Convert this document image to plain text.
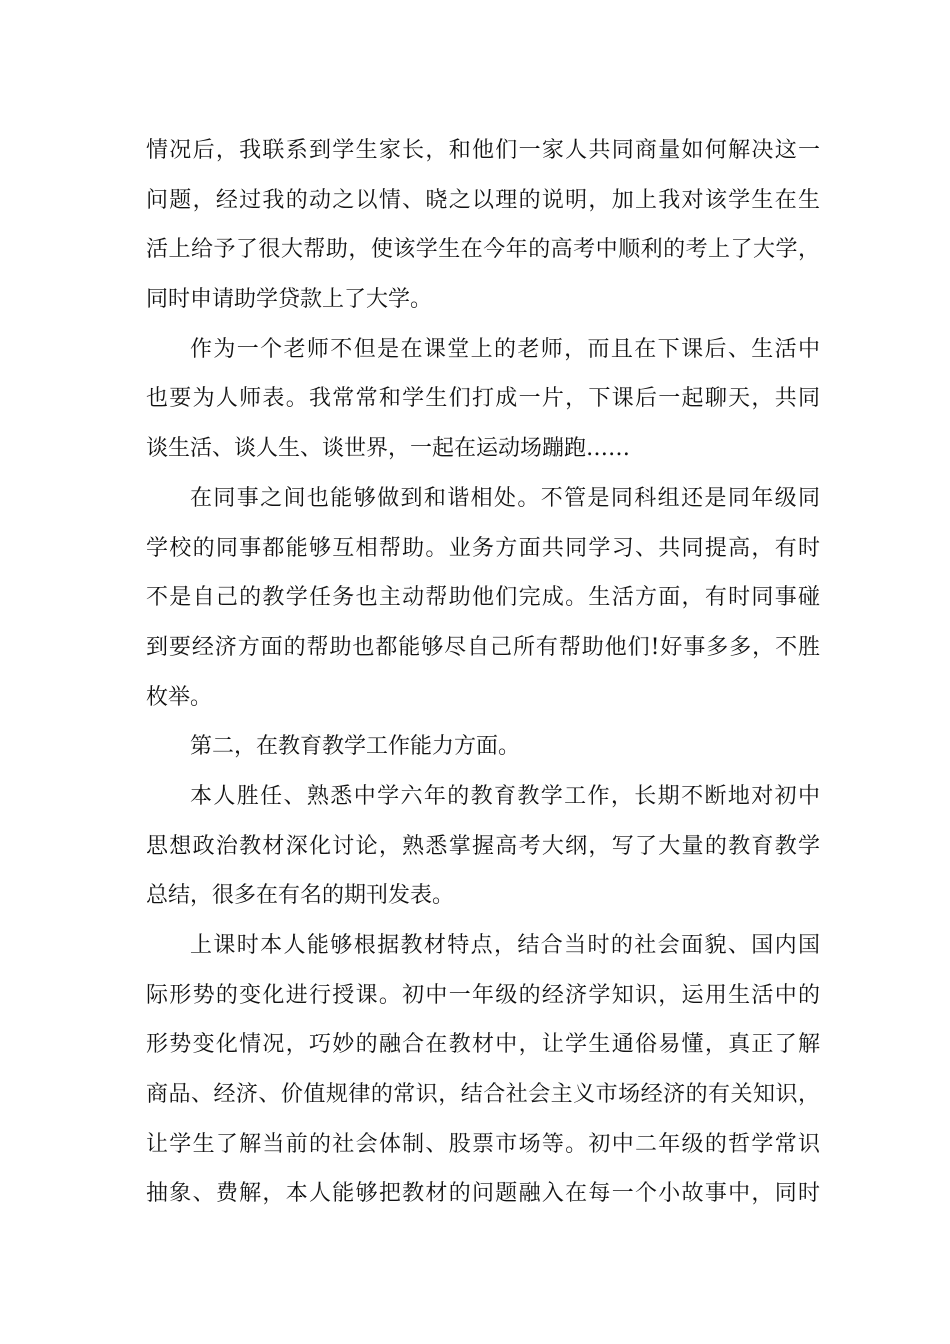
情况后，我联系到学生家长，和他们一家人共同商量如何解决这一
问题，经过我的动之以情、晓之以理的说明，加上我对该学生在生
活上给予了很大帮助，使该学生在今年的高考中顺利的考上了大学，
同时申请助学贷款上了大学。
作为一个老师不但是在课堂上的老师，而且在下课后、生活中
也要为人师表。我常常和学生们打成一片，下课后一起聊天，共同
谈生活、谈人生、谈世界，一起在运动场蹦跑……
在同事之间也能够做到和谐相处。不管是同科组还是同年级同
学校的同事都能够互相帮助。业务方面共同学习、共同提高，有时
不是自己的教学任务也主动帮助他们完成。生活方面，有时同事碰
到要经济方面的帮助也都能够尽自己所有帮助他们!好事多多，不胜
枚举。
第二，在教育教学工作能力方面。
本人胜任、熟悉中学六年的教育教学工作，长期不断地对初中
思想政治教材深化讨论，熟悉掌握高考大纲，写了大量的教育教学
总结，很多在有名的期刊发表。
上课时本人能够根据教材特点，结合当时的社会面貌、国内国
际形势的变化进行授课。初中一年级的经济学知识，运用生活中的
形势变化情况，巧妙的融合在教材中，让学生通俗易懂，真正了解
商品、经济、价值规律的常识，结合社会主义市场经济的有关知识，
让学生了解当前的社会体制、股票市场等。初中二年级的哲学常识
抽象、费解，本人能够把教材的问题融入在每一个小故事中，同时
